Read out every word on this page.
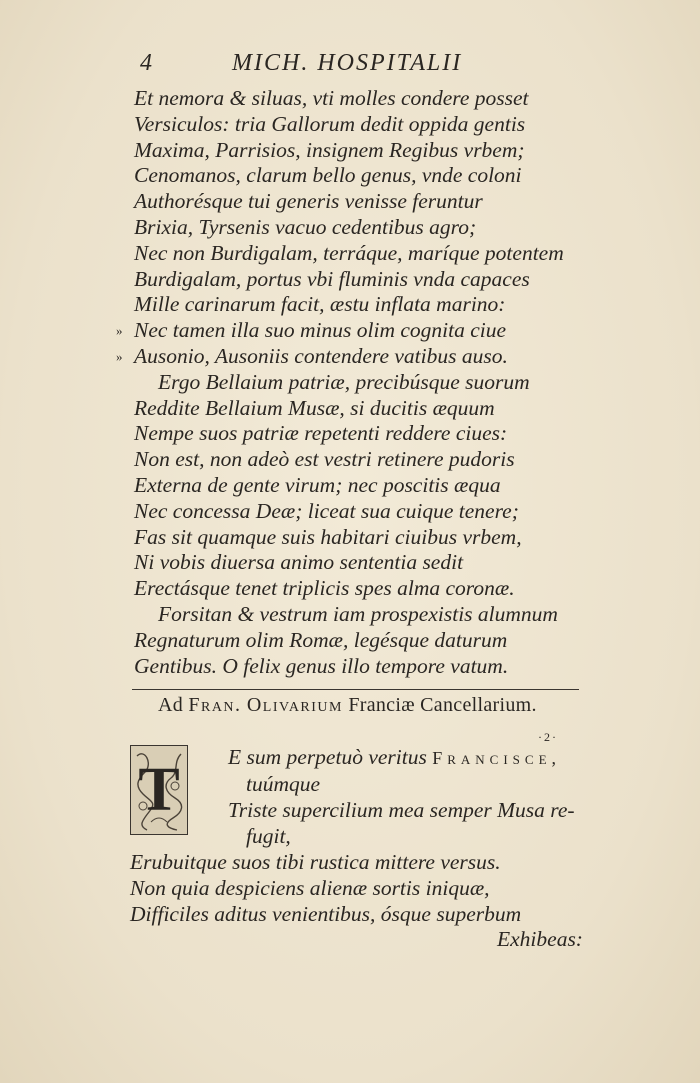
4	MICH. HOSPITALII
Et nemora & siluas, vti molles condere posset
Versiculos: tria Gallorum dedit oppida gentis
Maxima, Parrisios, insignem Regibus vrbem;
Cenomanos, clarum bello genus, vnde coloni
Authorésque tui generis venisse feruntur
Brixia, Tyrsenis vacuo cedentibus agro;
Nec non Burdigalam, terráque, maríque potentem
Burdigalam, portus vbi fluminis vnda capaces
Mille carinarum facit, æstu inflata marino:
» Nec tamen illa suo minus olim cognita ciue
» Ausonio, Ausoniis contendere vatibus auso.
Ergo Bellaium patriæ, precibúsque suorum
Reddite Bellaium Musæ, si ducitis æquum
Nempe suos patriæ repetenti reddere ciues:
Non est, non adeò est vestri retinere pudoris
Externa de gente virum; nec poscitis æqua
Nec concessa Deæ; liceat sua cuique tenere;
Fas sit quamque suis habitari ciuibus vrbem,
Ni vobis diuersa animo sententia sedit
Erectásque tenet triplicis spes alma coronæ.
Forsitan & vestrum iam prospexistis alumnum
Regnaturum olim Romæ, legésque daturum
Gentibus. O felix genus illo tempore vatum.
Ad Fran. Olivarium Franciæ Cancellarium.
·2·
T	E sum perpetuò veritus Francisce,
tuúmque
Triste supercilium mea semper Musa re-
fugit,
Erubuitque suos tibi rustica mittere versus.
Non quia despiciens alienæ sortis iniquæ,
Difficiles aditus venientibus, ósque superbum
Exhibeas:
